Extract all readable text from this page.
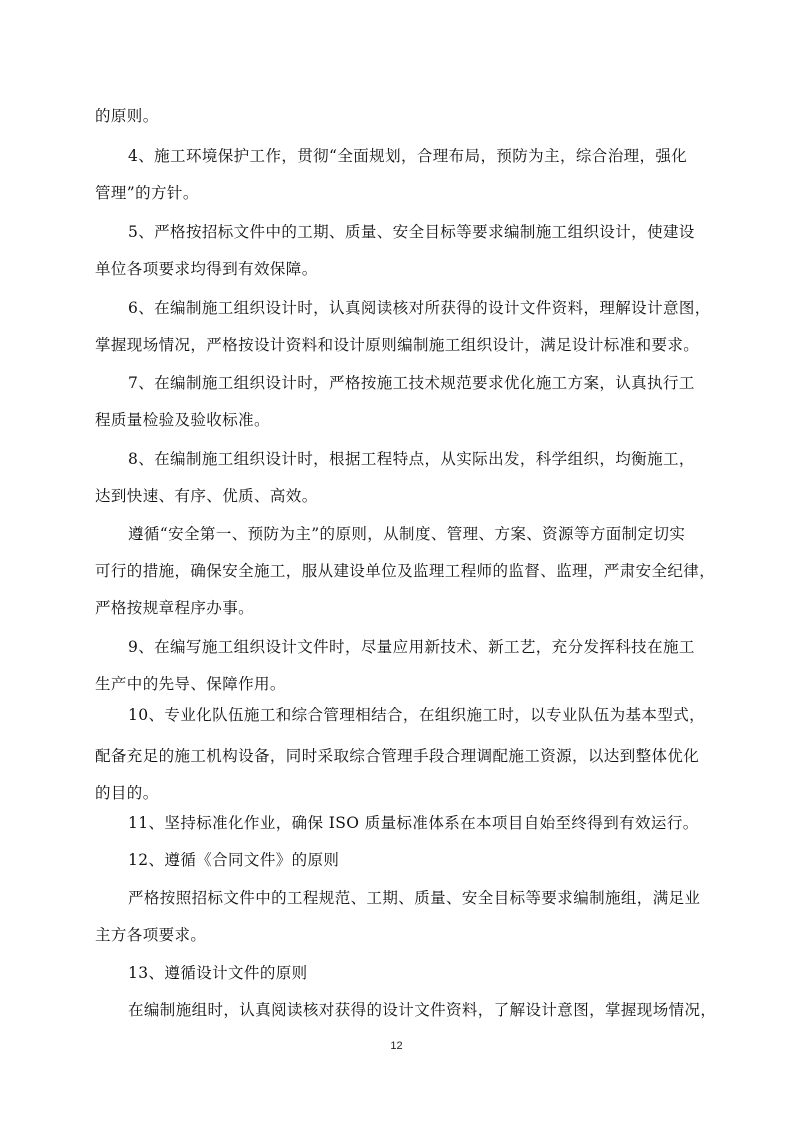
的原则。
4、施工环境保护工作，贯彻“全面规划，合理布局，预防为主，综合治理，强化
管理”的方针。
5、严格按招标文件中的工期、质量、安全目标等要求编制施工组织设计，使建设
单位各项要求均得到有效保障。
6、在编制施工组织设计时，认真阅读核对所获得的设计文件资料，理解设计意图，
掌握现场情况，严格按设计资料和设计原则编制施工组织设计，满足设计标准和要求。
7、在编制施工组织设计时，严格按施工技术规范要求优化施工方案，认真执行工
程质量检验及验收标准。
8、在编制施工组织设计时，根据工程特点，从实际出发，科学组织，均衡施工，
达到快速、有序、优质、高效。
遵循“安全第一、预防为主”的原则，从制度、管理、方案、资源等方面制定切实
可行的措施，确保安全施工，服从建设单位及监理工程师的监督、监理，严肃安全纪律，
严格按规章程序办事。
9、在编写施工组织设计文件时，尽量应用新技术、新工艺，充分发挥科技在施工
生产中的先导、保障作用。
10、专业化队伍施工和综合管理相结合，在组织施工时，以专业队伍为基本型式，
配备充足的施工机构设备，同时采取综合管理手段合理调配施工资源，以达到整体优化
的目的。
11、坚持标准化作业，确保 ISO 质量标准体系在本项目自始至终得到有效运行。
12、遵循《合同文件》的原则
严格按照招标文件中的工程规范、工期、质量、安全目标等要求编制施组，满足业
主方各项要求。
13、遵循设计文件的原则
在编制施组时，认真阅读核对获得的设计文件资料，了解设计意图，掌握现场情况，
12
